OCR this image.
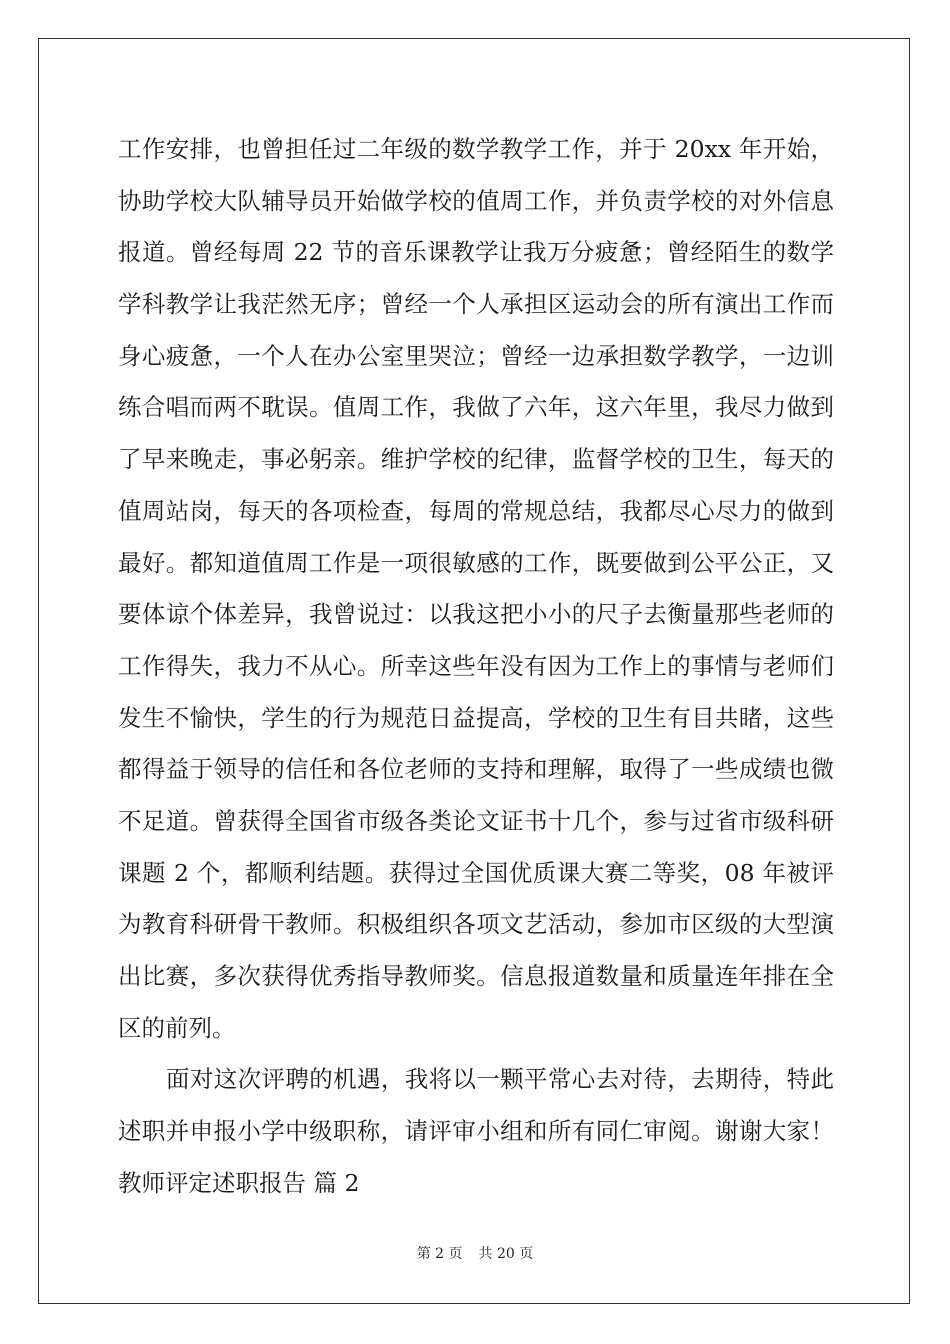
工作安排，也曾担任过二年级的数学教学工作，并于 20xx 年开始，
协助学校大队辅导员开始做学校的值周工作，并负责学校的对外信息
报道。曾经每周 22 节的音乐课教学让我万分疲惫；曾经陌生的数学
学科教学让我茫然无序；曾经一个人承担区运动会的所有演出工作而
身心疲惫，一个人在办公室里哭泣；曾经一边承担数学教学，一边训
练合唱而两不耽误。值周工作，我做了六年，这六年里，我尽力做到
了早来晚走，事必躬亲。维护学校的纪律，监督学校的卫生，每天的
值周站岗，每天的各项检查，每周的常规总结，我都尽心尽力的做到
最好。都知道值周工作是一项很敏感的工作，既要做到公平公正，又
要体谅个体差异，我曾说过：以我这把小小的尺子去衡量那些老师的
工作得失，我力不从心。所幸这些年没有因为工作上的事情与老师们
发生不愉快，学生的行为规范日益提高，学校的卫生有目共睹，这些
都得益于领导的信任和各位老师的支持和理解，取得了一些成绩也微
不足道。曾获得全国省市级各类论文证书十几个，参与过省市级科研
课题 2 个，都顺利结题。获得过全国优质课大赛二等奖，08 年被评
为教育科研骨干教师。积极组织各项文艺活动，参加市区级的大型演
出比赛，多次获得优秀指导教师奖。信息报道数量和质量连年排在全
区的前列。
面对这次评聘的机遇，我将以一颗平常心去对待，去期待，特此
述职并申报小学中级职称，请评审小组和所有同仁审阅。谢谢大家！
教师评定述职报告 篇 2
第 2 页 共 20 页
